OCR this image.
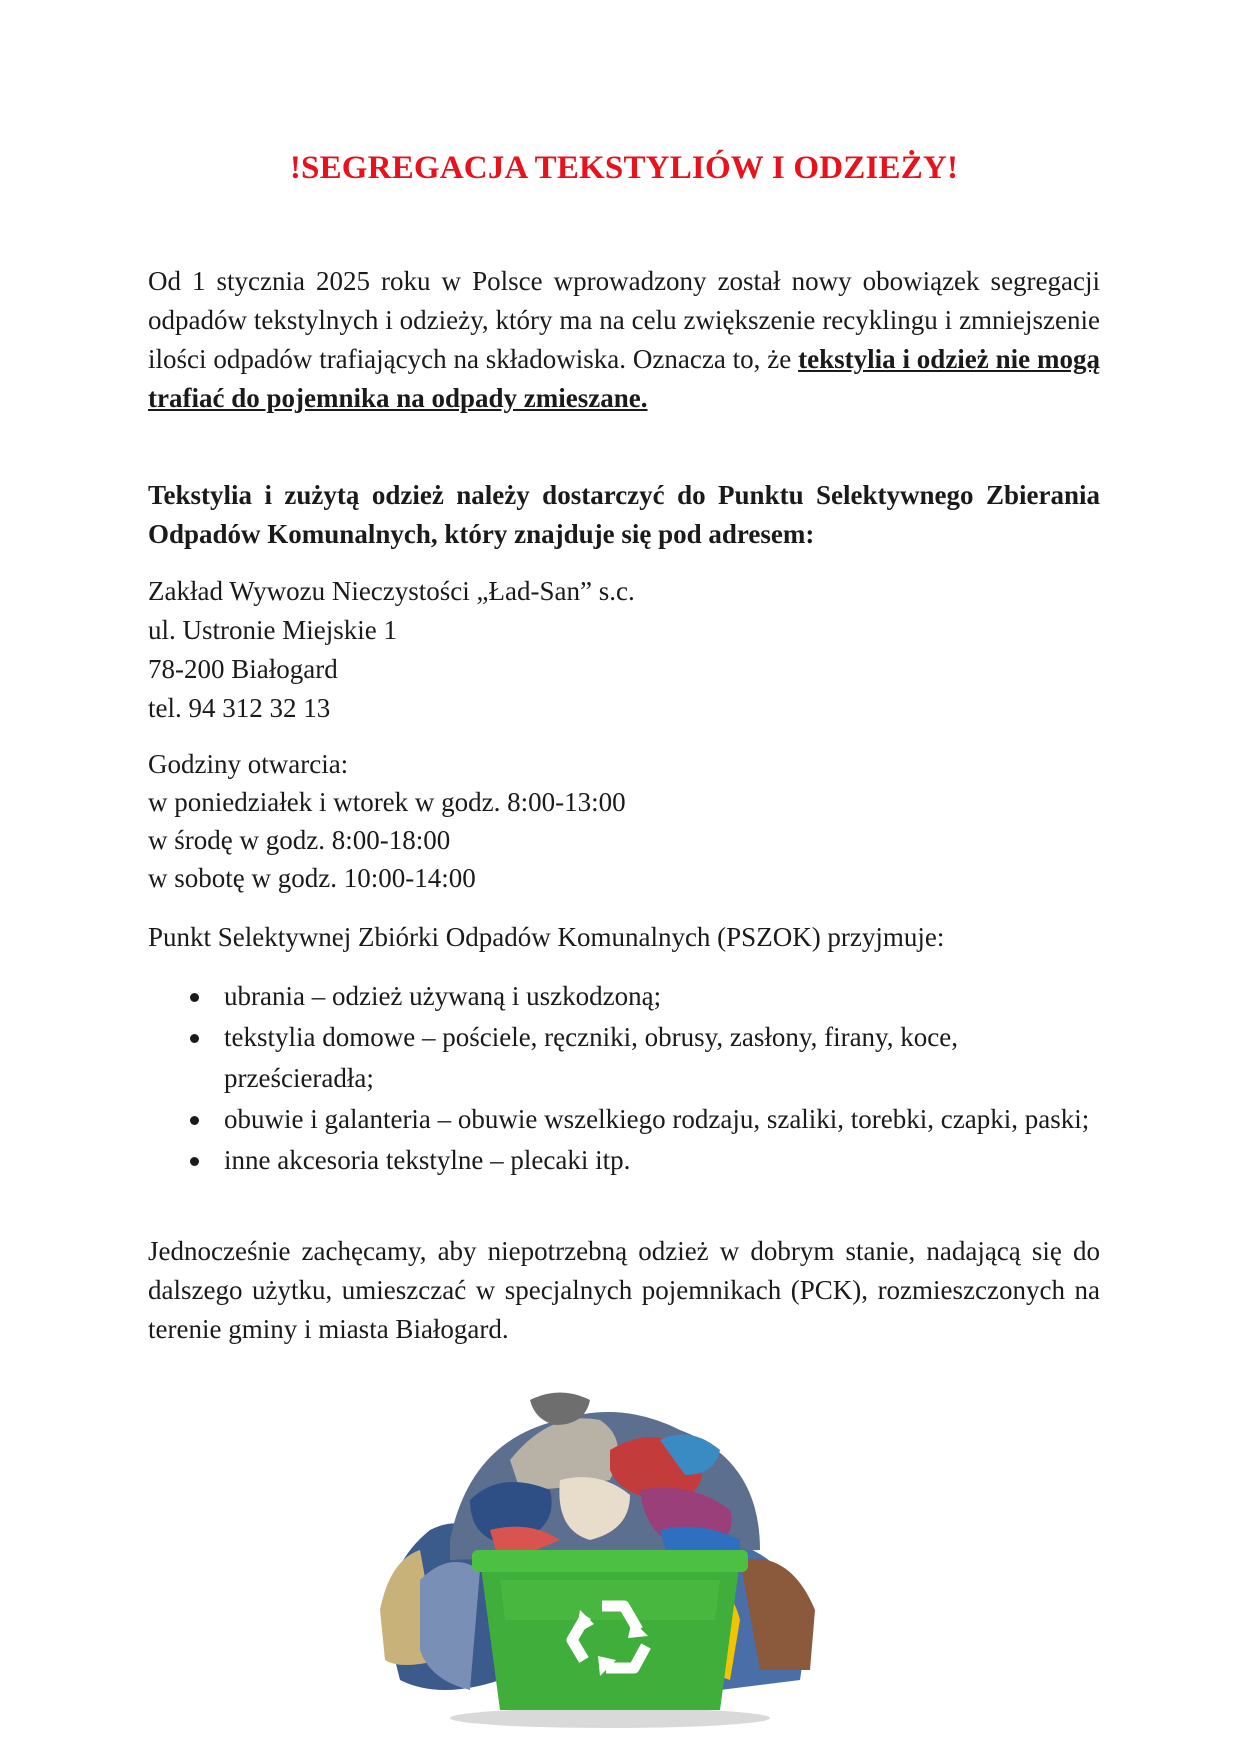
!SEGREGACJA TEKSTYLIÓW I ODZIEŻY!

Od 1 stycznia 2025 roku w Polsce wprowadzony został nowy obowiązek segregacji odpadów tekstylnych i odzieży, który ma na celu zwiększenie recyklingu i zmniejszenie ilości odpadów trafiających na składowiska. Oznacza to, że tekstylia i odzież nie mogą trafiać do pojemnika na odpady zmieszane.

Tekstylia i zużytą odzież należy dostarczyć do Punktu Selektywnego Zbierania Odpadów Komunalnych, który znajduje się pod adresem:

Zakład Wywozu Nieczystości „Ład-San” s.c.
ul. Ustronie Miejskie 1
78-200 Białogard
tel. 94 312 32 13
Godziny otwarcia:
w poniedziałek i wtorek w godz. 8:00-13:00
w środę w godz. 8:00-18:00
w sobotę w godz. 10:00-14:00
Punkt Selektywnej Zbiórki Odpadów Komunalnych (PSZOK) przyjmuje:
ubrania – odzież używaną i uszkodzoną;
tekstylia domowe – pościele, ręczniki, obrusy, zasłony, firany, koce, prześcieradła;
obuwie i galanteria – obuwie wszelkiego rodzaju, szaliki, torebki, czapki, paski;
inne akcesoria tekstylne – plecaki itp.

Jednocześnie zachęcamy, aby niepotrzebną odzież w dobrym stanie, nadającą się do dalszego użytku, umieszczać w specjalnych pojemnikach (PCK), rozmieszczonych na terenie gminy i miasta Białogard.
